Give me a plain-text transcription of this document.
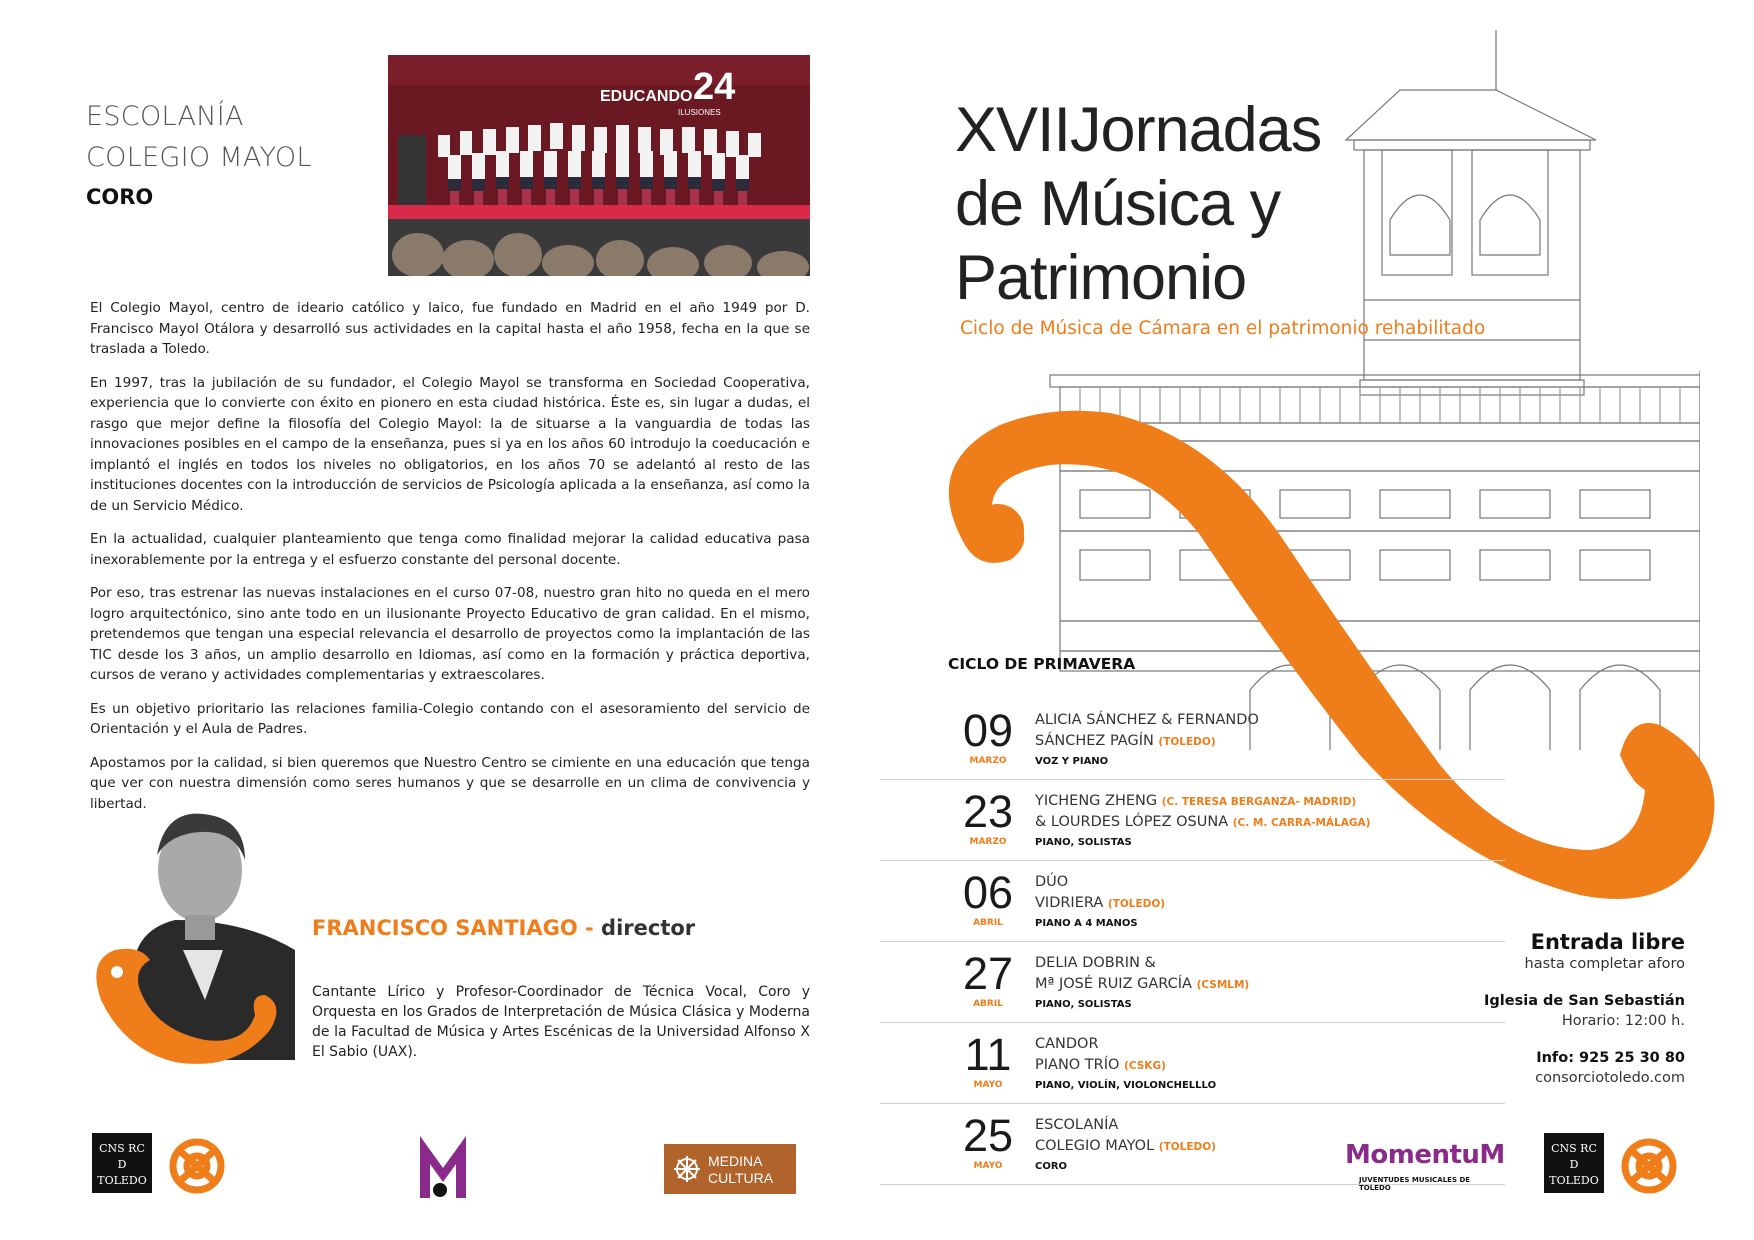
ESCOLANÍA
COLEGIO MAYOL
CORO
EDUCANDO 24
ILUSIONES

El Colegio Mayol, centro de ideario católico y laico, fue fundado en Madrid en el año 1949 por D. Francisco Mayol Otálora y desarrolló sus actividades en la capital hasta el año 1958, fecha en la que se traslada a Toledo.

En 1997, tras la jubilación de su fundador, el Colegio Mayol se transforma en Sociedad Cooperativa, experiencia que lo convierte con éxito en pionero en esta ciudad histórica. Éste es, sin lugar a dudas, el rasgo que mejor define la filosofía del Colegio Mayol: la de situarse a la vanguardia de todas las innovaciones posibles en el campo de la enseñanza, pues si ya en los años 60 introdujo la coeducación e implantó el inglés en todos los niveles no obligatorios, en los años 70 se adelantó al resto de las instituciones docentes con la introducción de servicios de Psicología aplicada a la enseñanza, así como la de un Servicio Médico.

En la actualidad, cualquier planteamiento que tenga como finalidad mejorar la calidad educativa pasa inexorablemente por la entrega y el esfuerzo constante del personal docente.

Por eso, tras estrenar las nuevas instalaciones en el curso 07-08, nuestro gran hito no queda en el mero logro arquitectónico, sino ante todo en un ilusionante Proyecto Educativo de gran calidad. En el mismo, pretendemos que tengan una especial relevancia el desarrollo de proyectos como la implantación de las TIC desde los 3 años, un amplio desarrollo en Idiomas, así como en la formación y práctica deportiva, cursos de verano y actividades complementarias y extraescolares.

Es un objetivo prioritario las relaciones familia-Colegio contando con el asesoramiento del servicio de Orientación y el Aula de Padres.

Apostamos por la calidad, si bien queremos que Nuestro Centro se cimiente en una educación que tenga que ver con nuestra dimensión como seres humanos y que se desarrolle en un clima de convivencia y libertad.

FRANCISCO SANTIAGO - director
Cantante Lírico y Profesor-Coordinador de Técnica Vocal, Coro y Orquesta en los Grados de Interpretación de Música Clásica y Moderna de la Facultad de Música y Artes Escénicas de la Universidad Alfonso X El Sabio (UAX).
CNS RC
D
TOLEDO
MEDINA
CULTURA
XVIIJornadas
de Música y
Patrimonio
Ciclo de Música de Cámara en el patrimonio rehabilitado
CICLO DE PRIMAVERA
09
MARZO
ALICIA SÁNCHEZ & FERNANDO
SÁNCHEZ PAGÍN (TOLEDO)
VOZ Y PIANO
23
MARZO
YICHENG ZHENG (C. TERESA BERGANZA- MADRID)
& LOURDES LÓPEZ OSUNA (C. M. CARRA-MÁLAGA)
PIANO, SOLISTAS
06
ABRIL
DÚO
VIDRIERA (TOLEDO)
PIANO A 4 MANOS
27
ABRIL
DELIA DOBRIN &
Mª JOSÉ RUIZ GARCÍA (CSMLM)
PIANO, SOLISTAS
11
MAYO
CANDOR
PIANO TRÍO (CSKG)
PIANO, VIOLÍN, VIOLONCHELLLO
25
MAYO
ESCOLANÍA
COLEGIO MAYOL (TOLEDO)
CORO
Entrada libre
hasta completar aforo
Iglesia de San Sebastián
Horario: 12:00 h.
Info: 925 25 30 80
consorciotoledo.com
MomentuM
JUVENTUDES MUSICALES DE TOLEDO
CNS RC
D
TOLEDO
